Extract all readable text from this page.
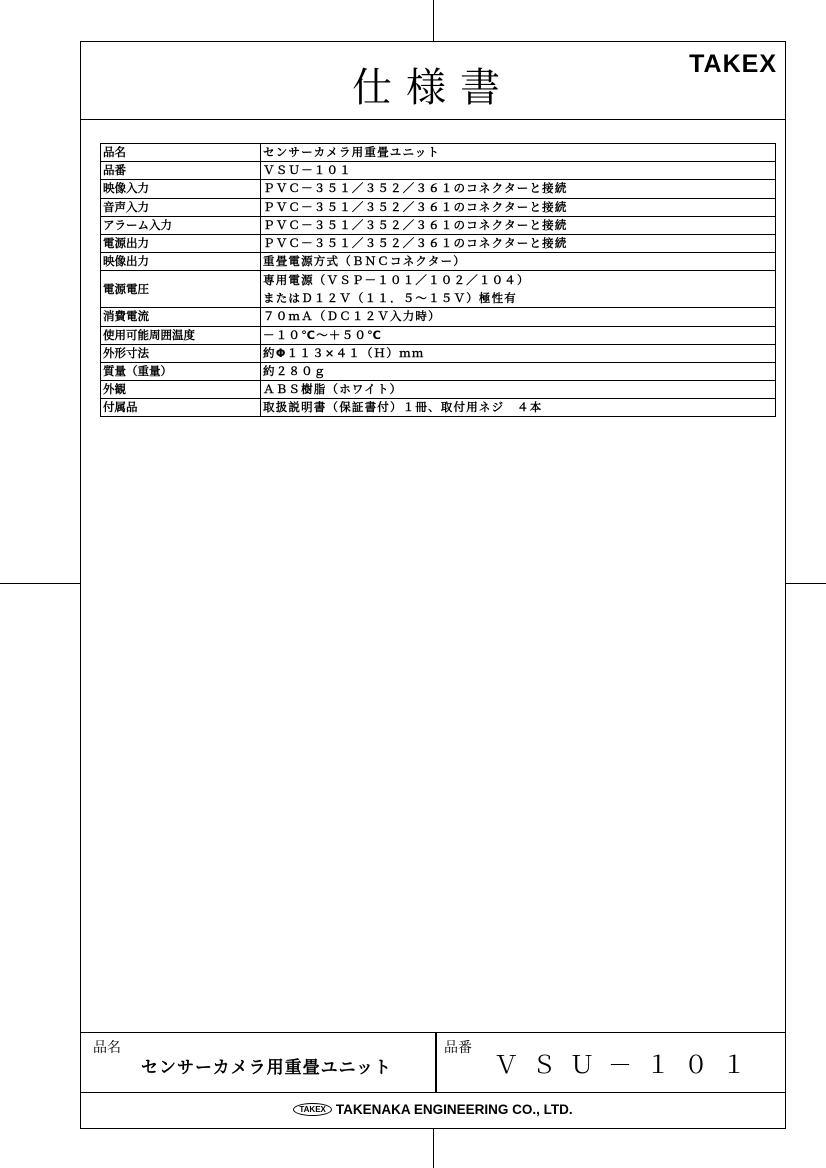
仕様書
TAKEX
品名	センサーカメラ用重畳ユニット
品番	ＶＳＵ－１０１
映像入力	ＰＶＣ－３５１／３５２／３６１のコネクターと接続
音声入力	ＰＶＣ－３５１／３５２／３６１のコネクターと接続
アラーム入力	ＰＶＣ－３５１／３５２／３６１のコネクターと接続
電源出力	ＰＶＣ－３５１／３５２／３６１のコネクターと接続
映像出力	重畳電源方式（ＢＮＣコネクター）
電源電圧	専用電源（ＶＳＰ－１０１／１０２／１０４）
またはＤ１２Ｖ（１１．５～１５Ｖ）極性有

消費電流	７０ｍＡ（ＤＣ１２Ｖ入力時）
使用可能周囲温度	－１０℃～＋５０℃
外形寸法	約Φ１１３×４１（Ｈ）ｍｍ
質量（重量）	約２８０ｇ
外観	ＡＢＳ樹脂（ホワイト）
付属品	取扱説明書（保証書付）１冊、取付用ネジ　４本
品名
センサーカメラ用重畳ユニット
品番
ＶＳＵ－１０１
TAKEX TAKENAKA ENGINEERING CO., LTD.
